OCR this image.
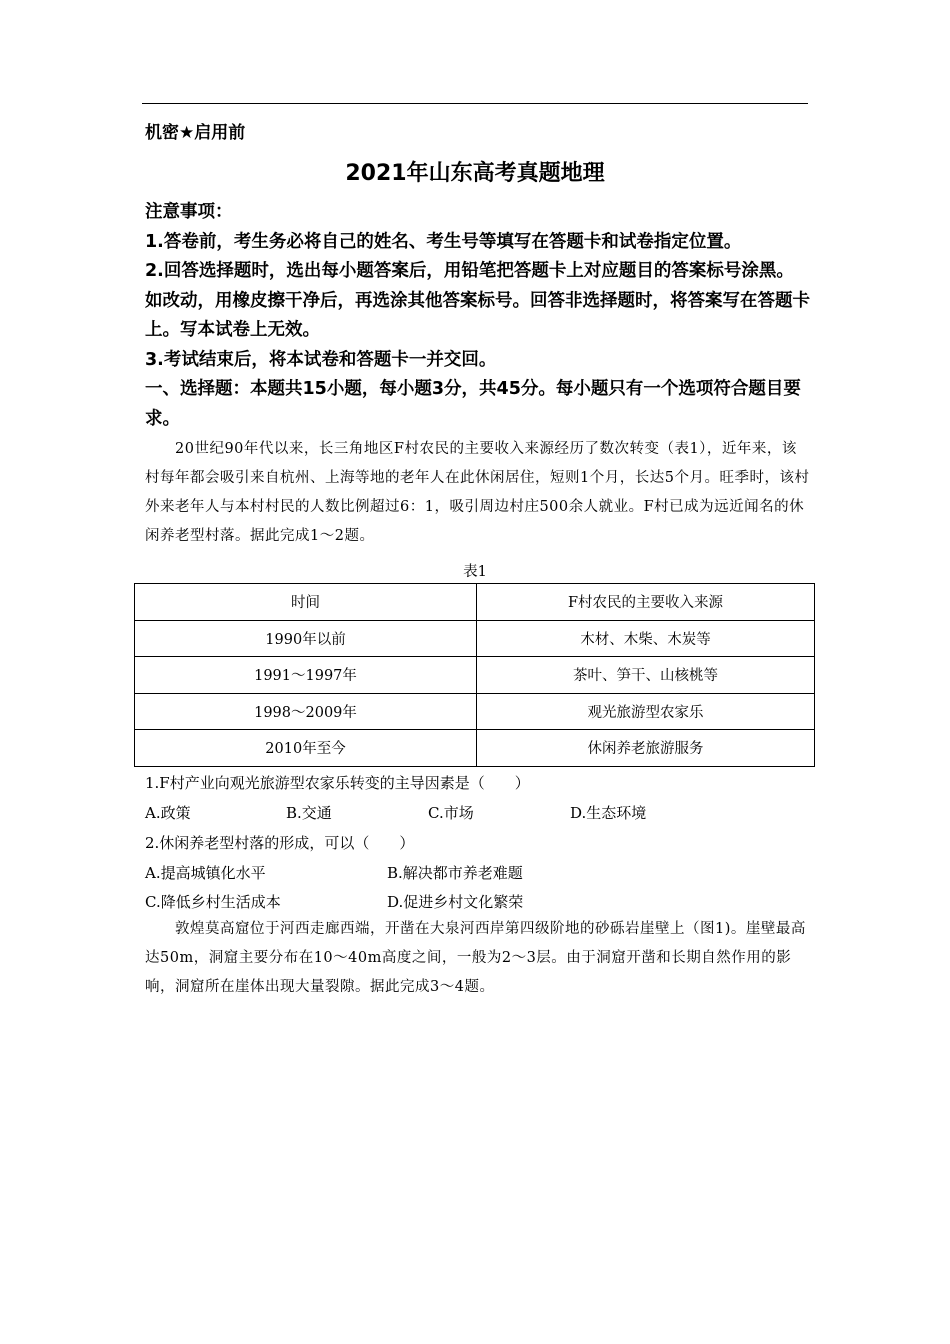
机密★启用前
2021年山东高考真题地理

注意事项：

1.答卷前，考生务必将自己的姓名、考生号等填写在答题卡和试卷指定位置。

2.回答选择题时，选出每小题答案后，用铅笔把答题卡上对应题目的答案标号涂黑。如改动，用橡皮擦干净后，再选涂其他答案标号。回答非选择题时，将答案写在答题卡上。写本试卷上无效。

3.考试结束后，将本试卷和答题卡一并交回。

一、选择题：本题共15小题，每小题3分，共45分。每小题只有一个选项符合题目要求。

20世纪90年代以来，长三角地区F村农民的主要收入来源经历了数次转变（表1），近年来，该村每年都会吸引来自杭州、上海等地的老年人在此休闲居住，短则1个月，长达5个月。旺季时，该村外来老年人与本村村民的人数比例超过6：1，吸引周边村庄500余人就业。F村已成为远近闻名的休闲养老型村落。据此完成1～2题。

表1
时间	F村农民的主要收入来源
1990年以前	木材、木柴、木炭等
1991～1997年	茶叶、笋干、山核桃等
1998～2009年	观光旅游型农家乐
2010年至今	休闲养老旅游服务
1.F村产业向观光旅游型农家乐转变的主导因素是（　　）
A.政策	B.交通	C.市场	D.生态环境
2.休闲养老型村落的形成，可以（　　）
A.提高城镇化水平	B.解决都市养老难题
C.降低乡村生活成本	D.促进乡村文化繁荣

敦煌莫高窟位于河西走廊西端，开凿在大泉河西岸第四级阶地的砂砾岩崖壁上（图1)。崖壁最高达50m，洞窟主要分布在10～40m高度之间，一般为2～3层。由于洞窟开凿和长期自然作用的影响，洞窟所在崖体出现大量裂隙。据此完成3～4题。
